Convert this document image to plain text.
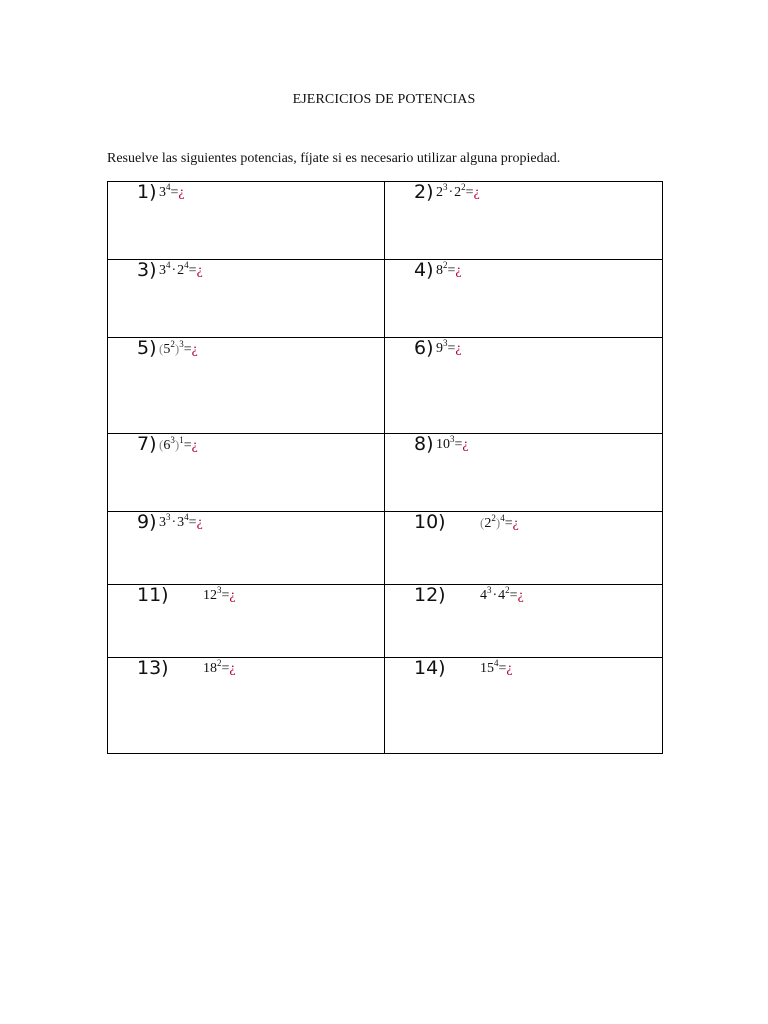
EJERCICIOS DE POTENCIAS
Resuelve las siguientes potencias, fíjate si es necesario utilizar alguna propiedad.
1) $3^4=¿$	2) $2^3\cdot 2^2=¿$

3) $3^4\cdot 2^4=¿$	4) $8^2=¿$

5) $(5^2)^3=¿$	6) $9^3=¿$

7) $(6^3)^1=¿$	8) $10^3=¿$

9) $3^3\cdot 3^4=¿$	10) $(2^2)^4=¿$

11) $12^3=¿$	12) $4^3\cdot 4^2=¿$

13) $18^2=¿$	14) $15^4=¿$
